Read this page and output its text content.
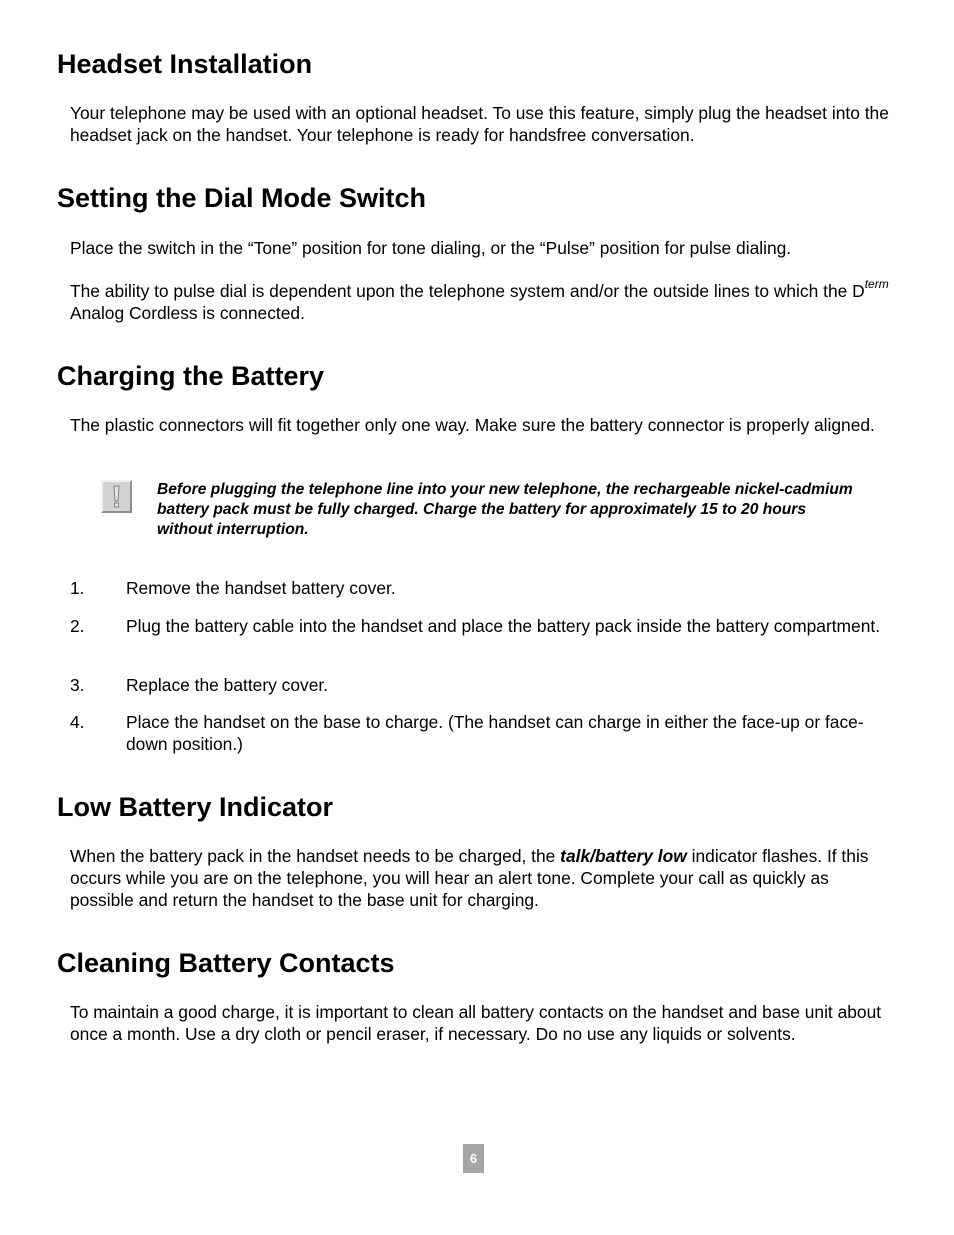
Headset Installation

Your telephone may be used with an optional headset. To use this feature, simply plug the headset into the headset jack on the handset. Your telephone is ready for handsfree conversation.

Setting the Dial Mode Switch

Place the switch in the “Tone” position for tone dialing, or the “Pulse” position for pulse dialing.

The ability to pulse dial is dependent upon the telephone system and/or the outside lines to which the $D^{term}$ Analog Cordless is connected.

Charging the Battery

The plastic connectors will fit together only one way. Make sure the battery connector is properly aligned.

Before plugging the telephone line into your new telephone, the rechargeable nickel-cadmium battery pack must be fully charged. Charge the battery for approximately 15 to 20 hours without interruption.

1. Remove the handset battery cover.
2. Plug the battery cable into the handset and place the battery pack inside the battery compartment.
3. Replace the battery cover.
4. Place the handset on the base to charge. (The handset can charge in either the face-up or face-down position.)
Low Battery Indicator

When the battery pack in the handset needs to be charged, the talk/battery low indicator flashes. If this occurs while you are on the telephone, you will hear an alert tone. Complete your call as quickly as possible and return the handset to the base unit for charging.

Cleaning Battery Contacts

To maintain a good charge, it is important to clean all battery contacts on the handset and base unit about once a month. Use a dry cloth or pencil eraser, if necessary. Do no use any liquids or solvents.

6
